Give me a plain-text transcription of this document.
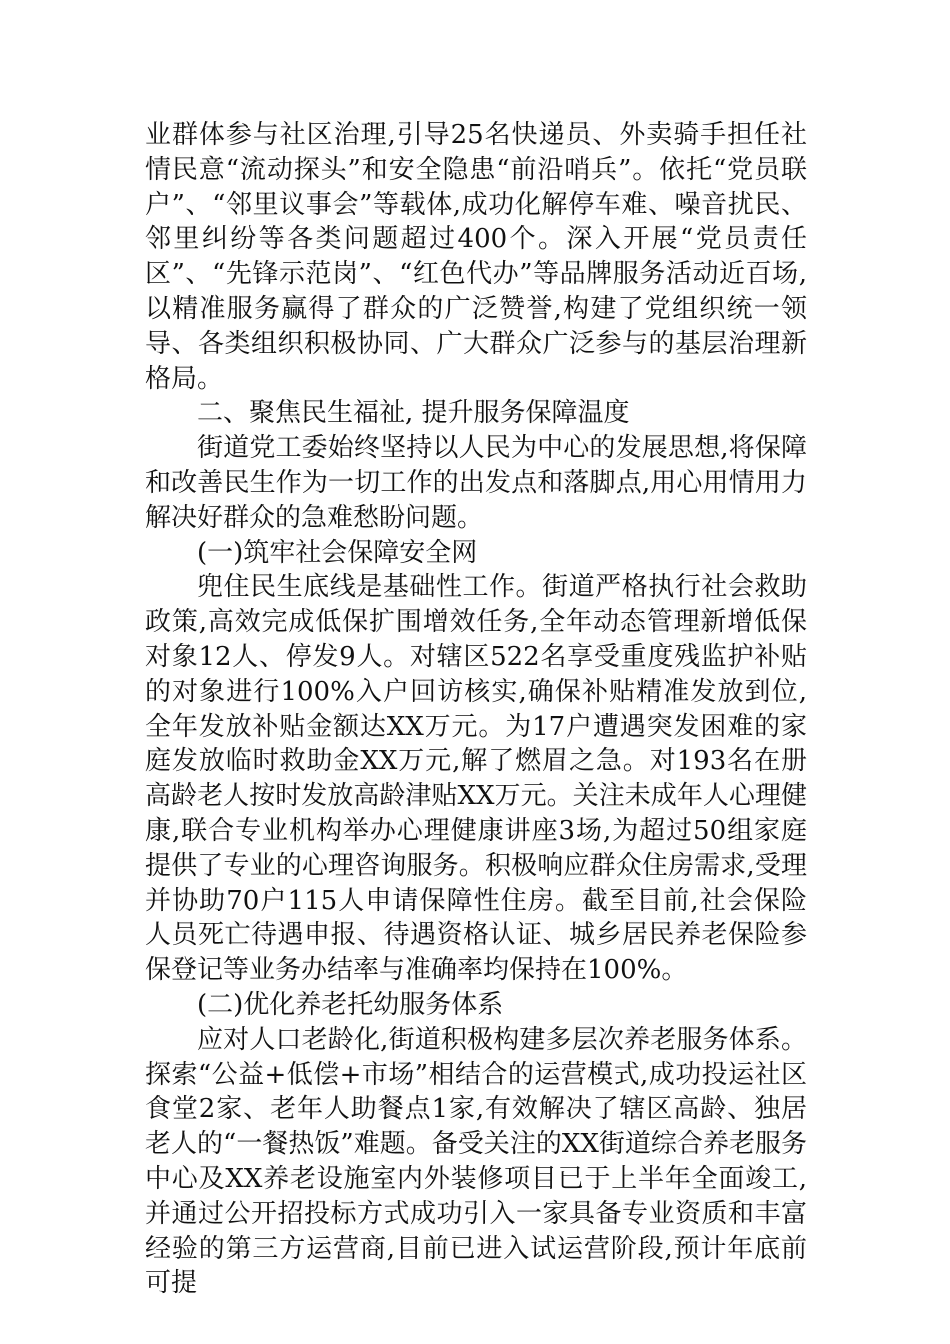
业群体参与社区治理,引导25名快递员、外卖骑手担任社情民意“流动探头”和安全隐患“前沿哨兵”。依托“党员联户”、“邻里议事会”等载体,成功化解停车难、噪音扰民、邻里纠纷等各类问题超过400个。深入开展“党员责任区”、“先锋示范岗”、“红色代办”等品牌服务活动近百场,以精准服务赢得了群众的广泛赞誉,构建了党组织统一领导、各类组织积极协同、广大群众广泛参与的基层治理新格局。

二、聚焦民生福祉, 提升服务保障温度

街道党工委始终坚持以人民为中心的发展思想,将保障和改善民生作为一切工作的出发点和落脚点,用心用情用力解决好群众的急难愁盼问题。

(一)筑牢社会保障安全网

兜住民生底线是基础性工作。街道严格执行社会救助政策,高效完成低保扩围增效任务,全年动态管理新增低保对象12人、停发9人。对辖区522名享受重度残监护补贴的对象进行100%入户回访核实,确保补贴精准发放到位,全年发放补贴金额达XX万元。为17户遭遇突发困难的家庭发放临时救助金XX万元,解了燃眉之急。对193名在册高龄老人按时发放高龄津贴XX万元。关注未成年人心理健康,联合专业机构举办心理健康讲座3场,为超过50组家庭提供了专业的心理咨询服务。积极响应群众住房需求,受理并协助70户115人申请保障性住房。截至目前,社会保险人员死亡待遇申报、待遇资格认证、城乡居民养老保险参保登记等业务办结率与准确率均保持在100%。

(二)优化养老托幼服务体系

应对人口老龄化,街道积极构建多层次养老服务体系。探索“公益+低偿+市场”相结合的运营模式,成功投运社区食堂2家、老年人助餐点1家,有效解决了辖区高龄、独居老人的“一餐热饭”难题。备受关注的XX街道综合养老服务中心及XX养老设施室内外装修项目已于上半年全面竣工,并通过公开招投标方式成功引入一家具备专业资质和丰富经验的第三方运营商,目前已进入试运营阶段,预计年底前可提
